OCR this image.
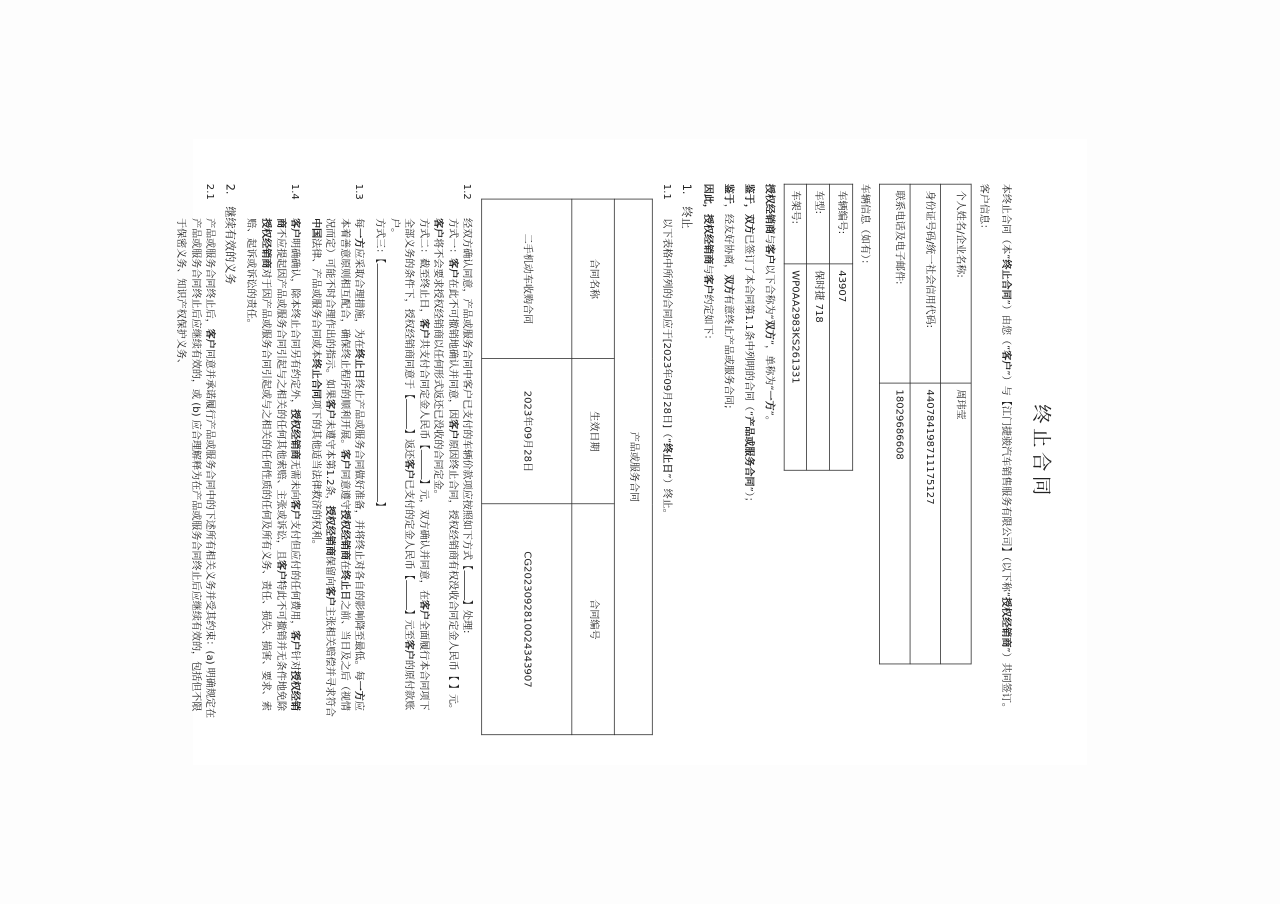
终止合同

本终止合同（本“终止合同”）由您（“客户”）与【江门捷骏汽车销售服务有限公司】（以下称“授权经销商”）共同签订。

客户信息：
个人姓名/企业名称:	周玮莹
身份证号码/统一社会信用代码:	440784198711175127
联系电话及电子邮件:	18029686608
车辆信息（如有）：
车辆编号:	43907
车型:	保时捷 718
车架号:	WP0AA2983KS261331

授权经销商与客户以下合称为“双方”，单称为“一方”。

鉴于，双方已签订了本合同第1.1条中列明的合同（“产品或服务合同”）；

鉴于，经友好协商，双方有意终止产品或服务合同;

因此，授权经销商与客户约定如下：

1.
终止
1.1
以下表格中所列的合同应于[2023年09月28日]（“终止日”）终止。
产品或服务合同		
合同名称	生效日期	合同编号
二手机动车收购合同	2023年09月28日	CG2023092810024343907
1.2
经双方确认同意，产品或服务合同中客户已支付的车辆价款项应按照如下方式【】处理:
方式一：客户在此不可撤销地确认并同意，因客户原因终止合同，授权经销商有权没收合同定金人民币【 】元。客户将不会要求授权经销商以任何形式返还已没收的合同定金。
方式二：截至终止日，客户共支付合同定金人民币【】元，双方确认并同意，在客户全面履行本合同项下全部义务的条件下，授权经销商同意于【】返还客户已支付的定金人民币【】元至客户的原付款账户。
方式三：【】
1.3
每一方应采取合理措施，为在终止日终止产品或服务合同做好准备，并将终止对各自的影响降至最低。每一方应本着善意原则相互配合，确保终止程序的顺利开展。客户同意遵守授权经销商在终止日之前、当日及之后（视情况而定）可能不时合理作出的指示。如果客户未遵守本第1.2条，授权经销商保留向客户主张相关赔偿并寻求符合中国法律、产品或服务合同或本终止合同项下的其他适当法律救济的权利。
1.4
客户明确确认，除本终止合同另有约定外，授权经销商无需未向客户支付但应付的任何费用，客户针对授权经销商不应提起因产品或服务合同引起与之相关的任何其他索赔、主张或诉讼，且客户特此不可撤销并无条件地免除授权经销商对于因产品或服务合同引起或与之相关的任何性质的任何及所有义务、责任、损失、损害、要求、索赔、起诉或诉讼的责任。
2.
继续有效的义务
2.1
产品或服务合同终止后，客户同意并承诺履行产品或服务合同中的下述所有相关义务并受其约束：(a) 明确规定在产品或服务合同终止后应继续有效的，或 (b) 应合理解释为在产品或服务合同终止后应继续有效的，包括但不限于保密义务、知识产权保护义务、
